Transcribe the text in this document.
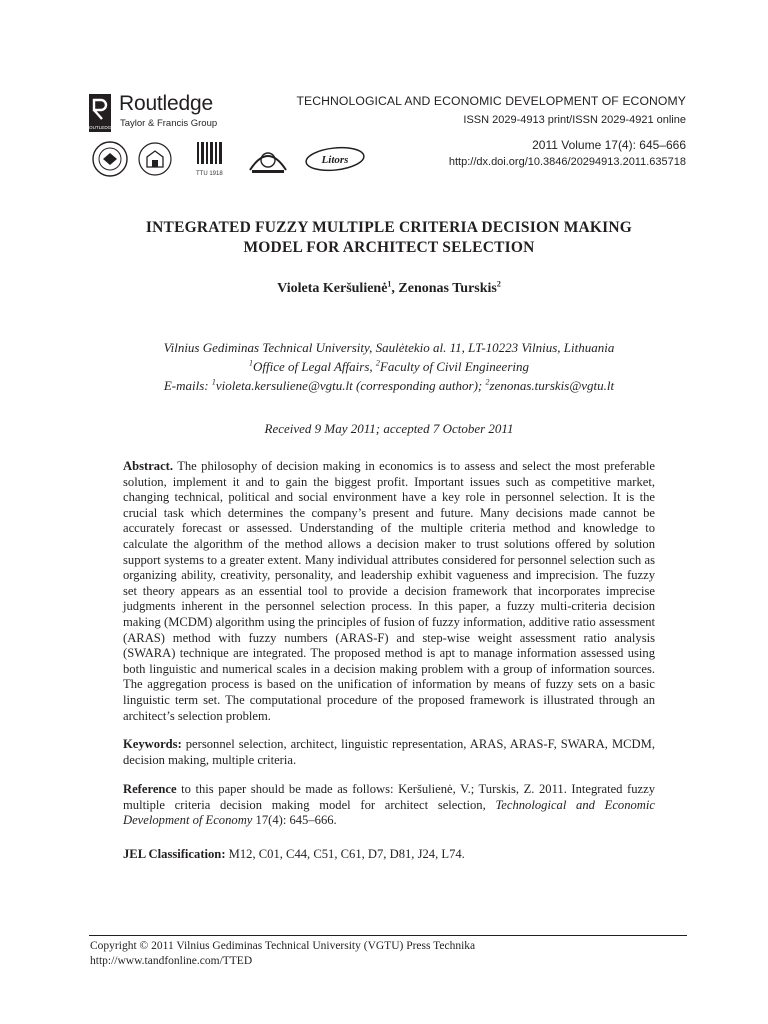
ROUTLEDGE
Routledge
Taylor & Francis Group
TTU 1918
Litors
TECHNOLOGICAL AND ECONOMIC DEVELOPMENT OF ECONOMY
ISSN 2029-4913 print/ISSN 2029-4921 online
2011 Volume 17(4): 645–666
http://dx.doi.org/10.3846/20294913.2011.635718
INTEGRATED FUZZY MULTIPLE CRITERIA DECISION MAKING
MODEL FOR ARCHITECT SELECTION
Violeta Keršulienė$^1$, Zenonas Turskis$^2$
Vilnius Gediminas Technical University, Saulėtekio al. 11, LT-10223 Vilnius, Lithuania
$^1$Office of Legal Affairs, $^2$Faculty of Civil Engineering
E-mails: $^1$violeta.kersuliene@vgtu.lt (corresponding author); $^2$zenonas.turskis@vgtu.lt
Received 9 May 2011; accepted 7 October 2011
Abstract. The philosophy of decision making in economics is to assess and select the most preferable solution, implement it and to gain the biggest profit. Important issues such as competitive market, changing technical, political and social environment have a key role in personnel selection. It is the crucial task which determines the company’s present and future. Many decisions made cannot be accurately forecast or assessed. Understanding of the multiple criteria method and knowledge to calculate the algorithm of the method allows a decision maker to trust solutions offered by solution support systems to a greater extent. Many individual attributes considered for personnel selection such as organizing ability, creativity, personality, and leadership exhibit vagueness and imprecision. The fuzzy set theory appears as an essential tool to provide a decision framework that incorporates imprecise judgments inherent in the personnel selection process. In this paper, a fuzzy multi-criteria decision making (MCDM) algorithm using the principles of fusion of fuzzy information, additive ratio assessment (ARAS) method with fuzzy numbers (ARAS-F) and step-wise weight assessment ratio analysis (SWARA) technique are integrated. The proposed method is apt to manage information assessed using both linguistic and numerical scales in a decision making problem with a group of information sources. The aggregation process is based on the unification of information by means of fuzzy sets on a basic linguistic term set. The computational procedure of the proposed framework is illustrated through an architect’s selection problem.
Keywords: personnel selection, architect, linguistic representation, ARAS, ARAS-F, SWARA, MCDM, decision making, multiple criteria.
Reference to this paper should be made as follows: Keršulienė, V.; Turskis, Z. 2011. Integrated fuzzy multiple criteria decision making model for architect selection, Technological and Economic Development of Economy 17(4): 645–666.
JEL Classification: M12, C01, C44, C51, C61, D7, D81, J24, L74.
Copyright © 2011 Vilnius Gediminas Technical University (VGTU) Press Technika
http://www.tandfonline.com/TTED
